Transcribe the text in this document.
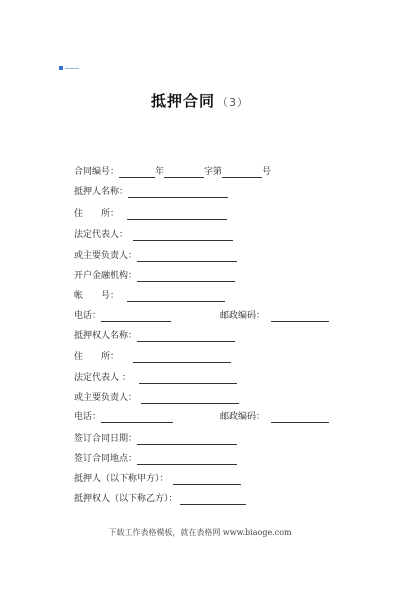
抵押合同 （3）
合同编号：	年	字第	号
抵押人名称：
住　　所：
法定代表人：
或主要负责人：
开户金融机构：
帐　　号：
电话：	邮政编码：
抵押权人名称：
住　　所：
法定代表人 ：
或主要负责人：
电话：	邮政编码：
签订合同日期：
签订合同地点：
抵押人（以下称甲方）：
抵押权人（以下称乙方）：
下载工作表格模板，就在表格网 www.biaoge.com
